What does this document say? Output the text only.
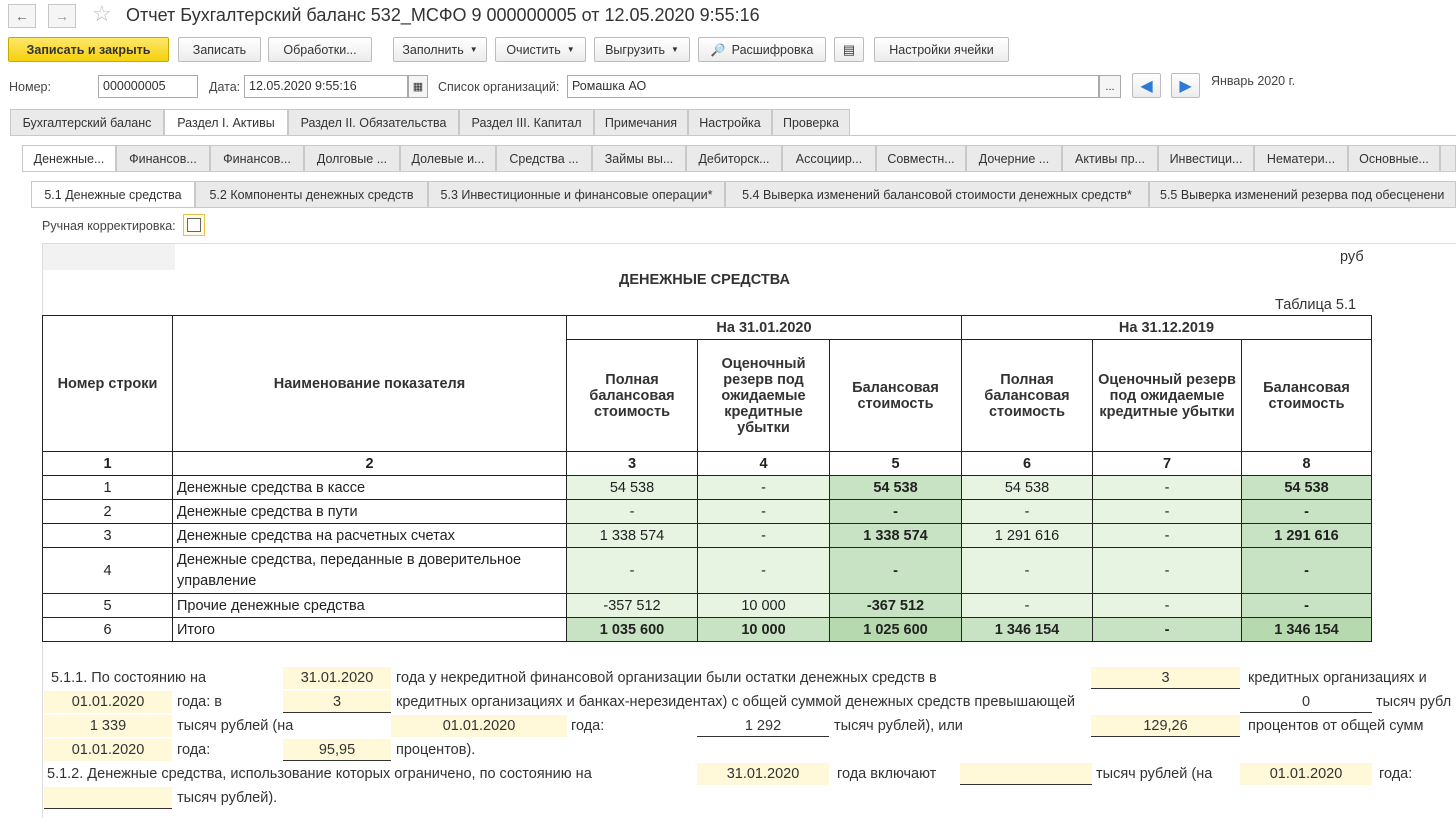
←	→	☆ Отчет Бухгалтерский баланс 532_МСФО 9 000000005 от 12.05.2020 9:55:16
Записать и закрыть	Записать	Обработки...	Заполнить ▼ Очистить ▼ Выгрузить ▼	🔎 Расшифровка ▤	Настройки ячейки
Номер:	000000005	Дата: 12.05.2020 9:55:16	▦ Список организаций:	Ромашка АО	...	◀ ▶ Январь 2020 г.
Бухгалтерский баланс	Раздел I. Активы	Раздел II. Обязательства	Раздел III. Капитал	Примечания	Настройка	Проверка
Денежные...	Финансов...	Финансов...	Долговые ...	Долевые и...	Средства ...	Займы вы...	Дебиторск...	Ассоциир...	Совместн...	Дочерние ...	Активы пр...	Инвестици...	Нематери...	Основные...
5.1 Денежные средства	5.2 Компоненты денежных средств	5.3 Инвестиционные и финансовые операции*	5.4 Выверка изменений балансовой стоимости денежных средств*	5.5 Выверка изменений резерва под обесценени
Ручная корректировка:
руб
ДЕНЕЖНЫЕ СРЕДСТВА
Таблица 5.1
Номер строки	Наименование показателя	На 31.01.2020			На 31.12.2019		
		Полная балансовая стоимость	Оценочный резерв под ожидаемые кредитные убытки	Балансовая стоимость	Полная балансовая стоимость	Оценочный резерв под ожидаемые кредитные убытки	Балансовая стоимость
1	2	3	4	5	6	7	8
1	Денежные средства в кассе	54 538	-	54 538	54 538	-	54 538
2	Денежные средства в пути	-	-	-	-	-	-
3	Денежные средства на расчетных счетах	1 338 574	-	1 338 574	1 291 616	-	1 291 616
4	Денежные средства, переданные в доверительное управление	-	-	-	-	-	-
5	Прочие денежные средства	-357 512	10 000	-367 512	-	-	-
6	Итого	1 035 600	10 000	1 025 600	1 346 154	-	1 346 154
5.1.1. По состоянию на	31.01.2020	года у некредитной финансовой организации были остатки денежных средств в	3	кредитных организациях и
01.01.2020	года: в	3	кредитных организациях и банках-нерезидентах) с общей суммой денежных средств превышающей	0	тысяч рубл
1 339	тысяч рублей (на	01.01.2020	года:	1 292	тысяч рублей), или	129,26	процентов от общей сумм
01.01.2020	года:	95,95	процентов).
5.1.2. Денежные средства, использование которых ограничено, по состоянию на	31.01.2020	года включают	тысяч рублей (на	01.01.2020	года:
тысяч рублей).
